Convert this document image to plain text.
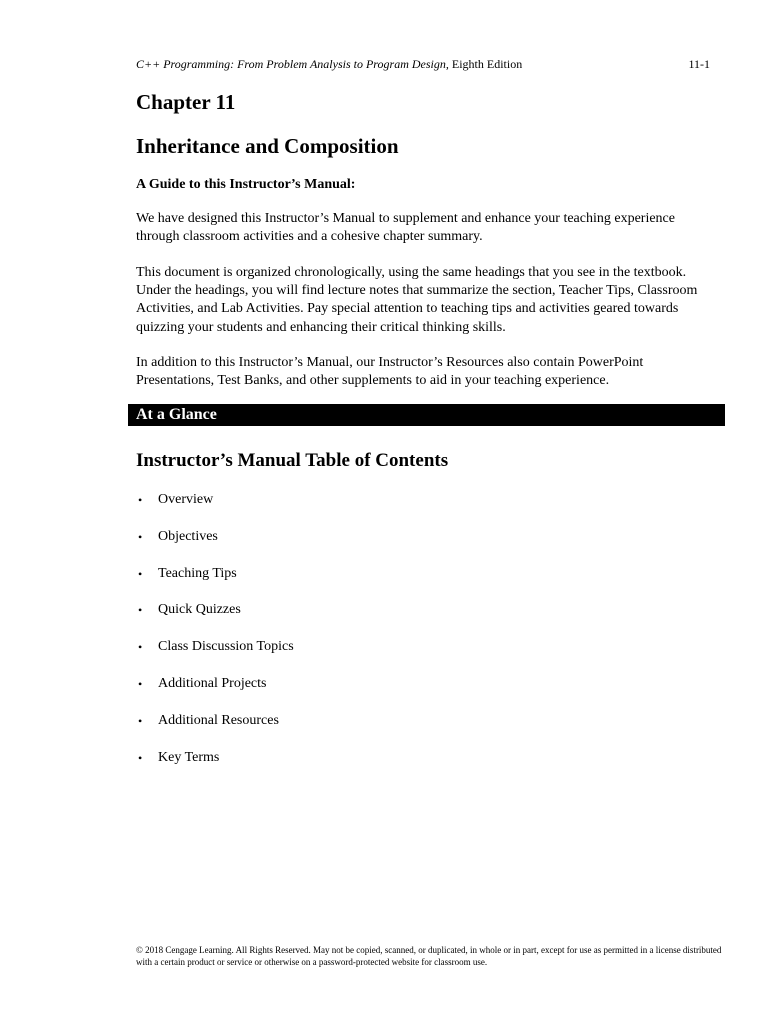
C++ Programming: From Problem Analysis to Program Design, Eighth Edition	11-1
Chapter 11
Inheritance and Composition
A Guide to this Instructor’s Manual:
We have designed this Instructor’s Manual to supplement and enhance your teaching experience through classroom activities and a cohesive chapter summary.
This document is organized chronologically, using the same headings that you see in the textbook. Under the headings, you will find lecture notes that summarize the section, Teacher Tips, Classroom Activities, and Lab Activities. Pay special attention to teaching tips and activities geared towards quizzing your students and enhancing their critical thinking skills.
In addition to this Instructor’s Manual, our Instructor’s Resources also contain PowerPoint Presentations, Test Banks, and other supplements to aid in your teaching experience.
At a Glance
Instructor’s Manual Table of Contents
• Overview
• Objectives
• Teaching Tips
• Quick Quizzes
• Class Discussion Topics
• Additional Projects
• Additional Resources
• Key Terms
© 2018 Cengage Learning. All Rights Reserved. May not be copied, scanned, or duplicated, in whole or in part, except for use as permitted in a license distributed with a certain product or service or otherwise on a password-protected website for classroom use.
